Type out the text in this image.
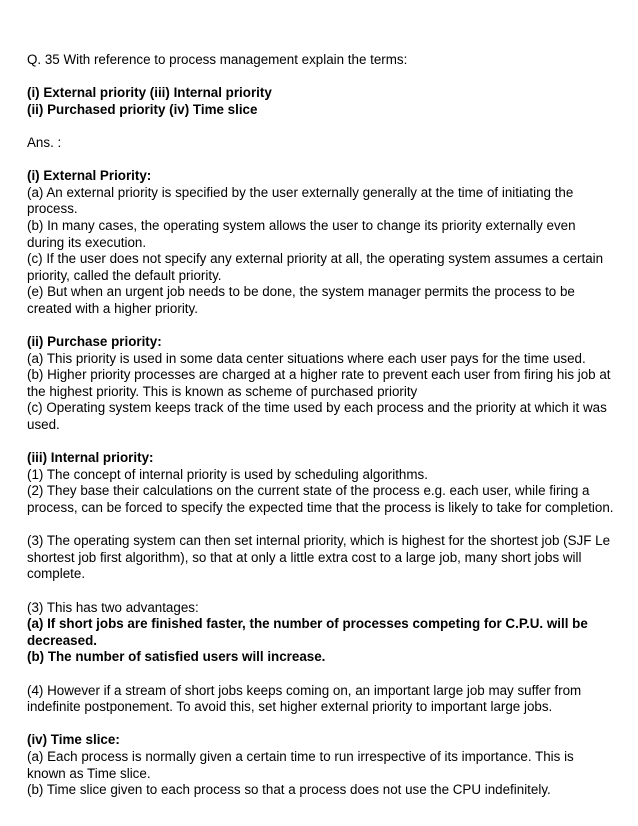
Q. 35 With reference to process management explain the terms:

(i) External priority (iii) Internal priority

(ii) Purchased priority (iv) Time slice

Ans. :

(i) External Priority:

(a) An external priority is specified by the user externally generally at the time of initiating the process.

(b) In many cases, the operating system allows the user to change its priority externally even during its execution.

(c) If the user does not specify any external priority at all, the operating system assumes a certain priority, called the default priority.

(e) But when an urgent job needs to be done, the system manager permits the process to be created with a higher priority.

(ii) Purchase priority:

(a) This priority is used in some data center situations where each user pays for the time used.

(b) Higher priority processes are charged at a higher rate to prevent each user from firing his job at the highest priority. This is known as scheme of purchased priority

(c) Operating system keeps track of the time used by each process and the priority at which it was used.

(iii) Internal priority:

(1) The concept of internal priority is used by scheduling algorithms.

(2) They base their calculations on the current state of the process e.g. each user, while firing a process, can be forced to specify the expected time that the process is likely to take for completion.

(3) The operating system can then set internal priority, which is highest for the shortest job (SJF Le shortest job first algorithm), so that at only a little extra cost to a large job, many short jobs will complete.

(3) This has two advantages:

(a) If short jobs are finished faster, the number of processes competing for C.P.U. will be decreased.

(b) The number of satisfied users will increase.

(4) However if a stream of short jobs keeps coming on, an important large job may suffer from indefinite postponement. To avoid this, set higher external priority to important large jobs.

(iv) Time slice:

(a) Each process is normally given a certain time to run irrespective of its importance. This is known as Time slice.

(b) Time slice given to each process so that a process does not use the CPU indefinitely.
